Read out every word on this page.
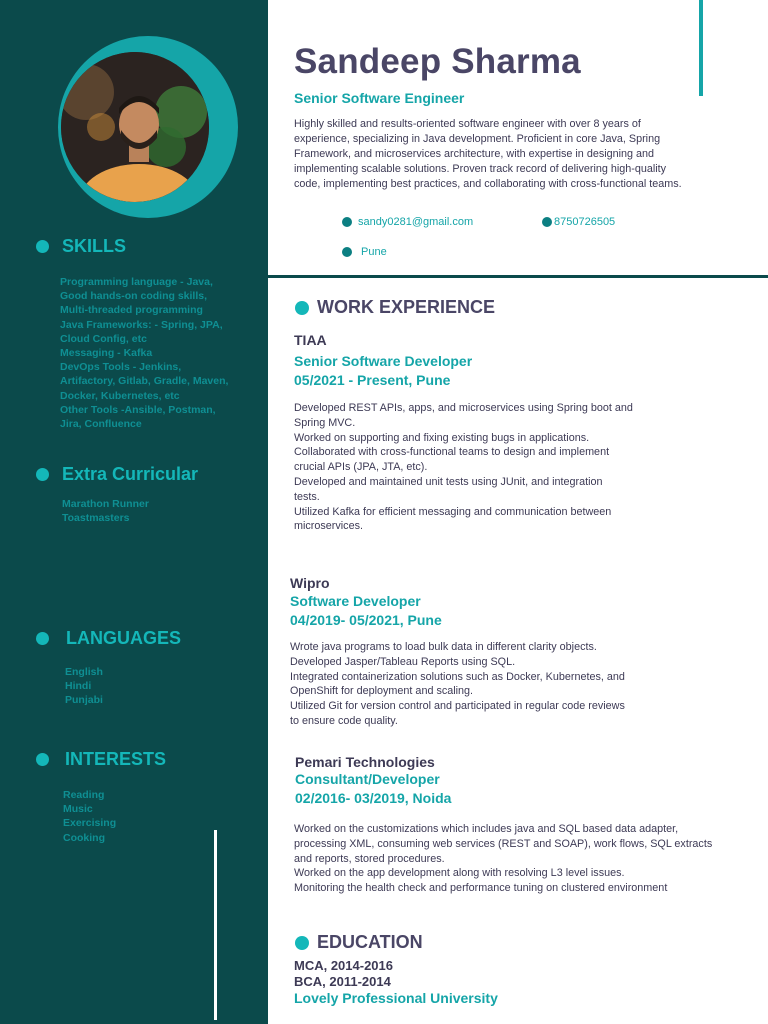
SKILLS
Programming language - Java,
Good hands-on coding skills,
Multi-threaded programming
Java Frameworks: - Spring, JPA,
Cloud Config, etc
Messaging - Kafka
DevOps Tools - Jenkins,
Artifactory, Gitlab, Gradle, Maven,
Docker, Kubernetes, etc
Other Tools -Ansible, Postman,
Jira, Confluence
Extra Curricular
Marathon Runner
Toastmasters
LANGUAGES
English
Hindi
Punjabi
INTERESTS
Reading
Music
Exercising
Cooking
Sandeep Sharma
Senior Software Engineer
Highly skilled and results-oriented software engineer with over 8 years of experience, specializing in Java development. Proficient in core Java, Spring Framework, and microservices architecture, with expertise in designing and implementing scalable solutions. Proven track record of delivering high-quality code, implementing best practices, and collaborating with cross-functional teams.
sandy0281@gmail.com	8750726505
Pune
WORK EXPERIENCE
TIAA
Senior Software Developer
05/2021 - Present, Pune
Developed REST APIs, apps, and microservices using Spring boot and
Spring MVC.
Worked on supporting and fixing existing bugs in applications.
Collaborated with cross-functional teams to design and implement
crucial APIs (JPA, JTA, etc).
Developed and maintained unit tests using JUnit, and integration
tests.
Utilized Kafka for efficient messaging and communication between
microservices.
Wipro
Software Developer
04/2019- 05/2021, Pune
Wrote java programs to load bulk data in different clarity objects.
Developed Jasper/Tableau Reports using SQL.
Integrated containerization solutions such as Docker, Kubernetes, and
OpenShift for deployment and scaling.
Utilized Git for version control and participated in regular code reviews
to ensure code quality.
Pemari Technologies
Consultant/Developer
02/2016- 03/2019, Noida
Worked on the customizations which includes java and SQL based data adapter,
processing XML, consuming web services (REST and SOAP), work flows, SQL extracts
and reports, stored procedures.
Worked on the app development along with resolving L3 level issues.
Monitoring the health check and performance tuning on clustered environment
EDUCATION
MCA, 2014-2016
BCA, 2011-2014
Lovely Professional University
